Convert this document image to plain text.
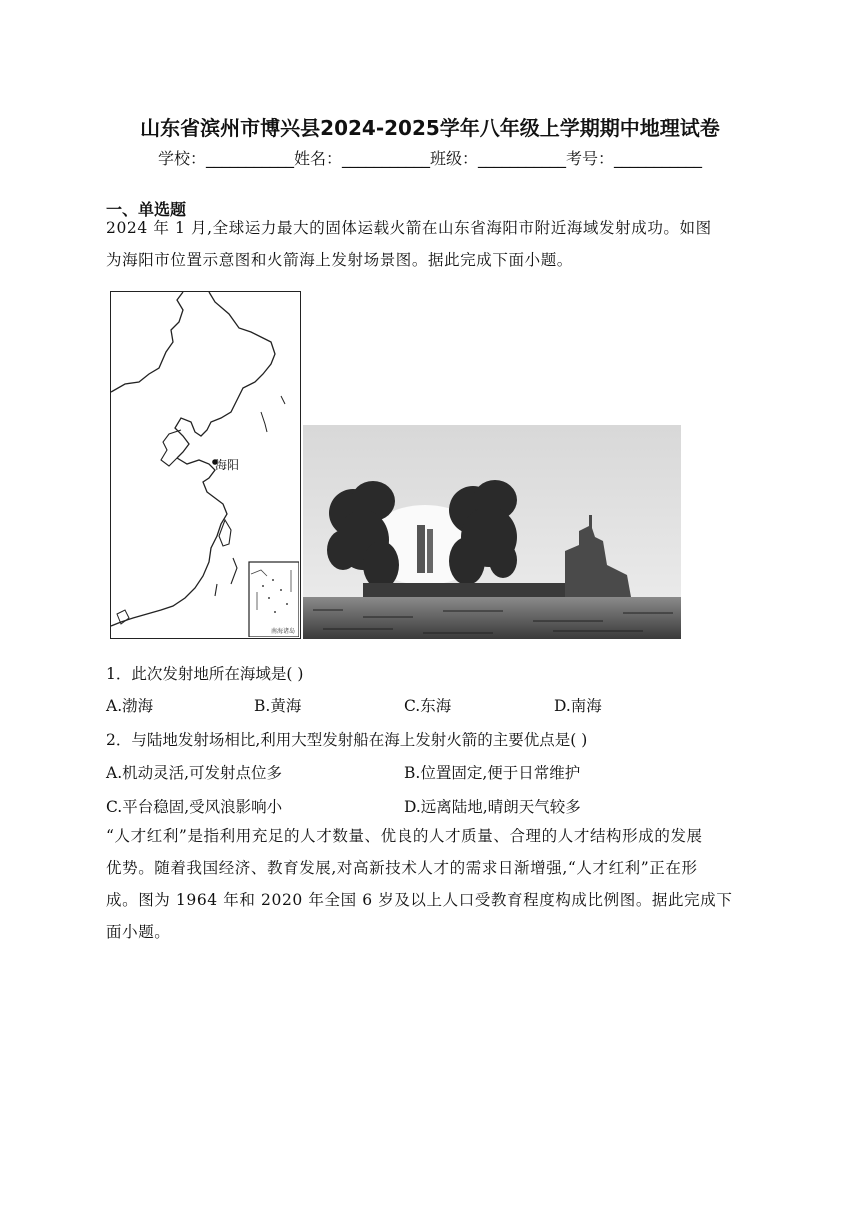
山东省滨州市博兴县2024-2025学年八年级上学期期中地理试卷
学校：___________姓名：___________班级：___________考号：___________
一、单选题
2024 年 1 月,全球运力最大的固体运载火箭在山东省海阳市附近海域发射成功。如图
为海阳市位置示意图和火箭海上发射场景图。据此完成下面小题。
海阳
南海诸岛
1．此次发射地所在海域是( )
A.渤海	B.黄海	C.东海	D.南海
2．与陆地发射场相比,利用大型发射船在海上发射火箭的主要优点是( )
A.机动灵活,可发射点位多	B.位置固定,便于日常维护
C.平台稳固,受风浪影响小	D.远离陆地,晴朗天气较多
“人才红利”是指利用充足的人才数量、优良的人才质量、合理的人才结构形成的发展
优势。随着我国经济、教育发展,对高新技术人才的需求日渐增强,“人才红利”正在形
成。图为 1964 年和 2020 年全国 6 岁及以上人口受教育程度构成比例图。据此完成下
面小题。
